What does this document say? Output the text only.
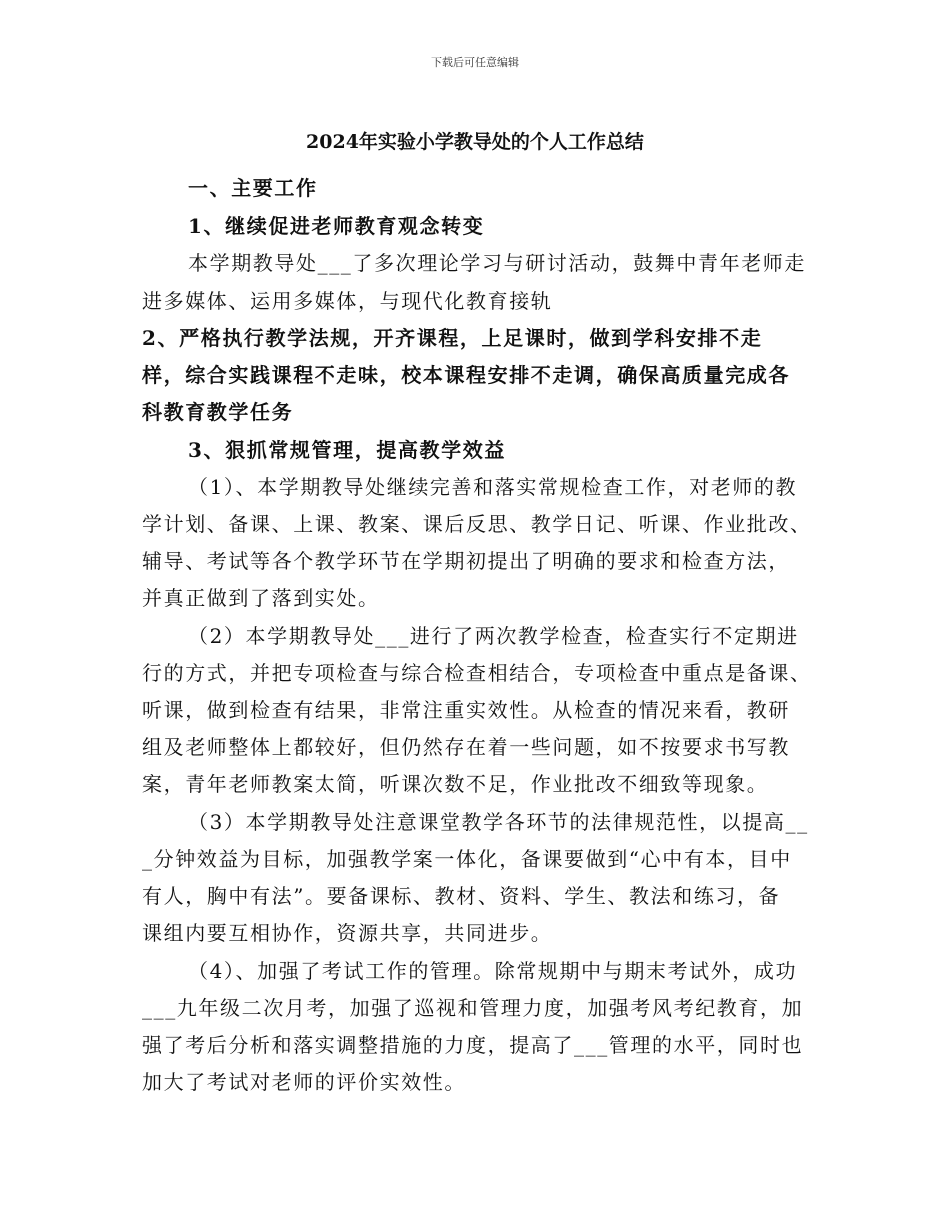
下载后可任意编辑
2024年实验小学教导处的个人工作总结
一、主要工作
1、继续促进老师教育观念转变
本学期教导处___了多次理论学习与研讨活动，鼓舞中青年老师走
进多媒体、运用多媒体，与现代化教育接轨
2、严格执行教学法规，开齐课程，上足课时，做到学科安排不走
样，综合实践课程不走味，校本课程安排不走调，确保高质量完成各
科教育教学任务
3、狠抓常规管理，提高教学效益
（1）、本学期教导处继续完善和落实常规检查工作，对老师的教
学计划、备课、上课、教案、课后反思、教学日记、听课、作业批改、
辅导、考试等各个教学环节在学期初提出了明确的要求和检查方法，
并真正做到了落到实处。
（2）本学期教导处___进行了两次教学检查，检查实行不定期进
行的方式，并把专项检查与综合检查相结合，专项检查中重点是备课、
听课，做到检查有结果，非常注重实效性。从检查的情况来看，教研
组及老师整体上都较好，但仍然存在着一些问题，如不按要求书写教
案，青年老师教案太简，听课次数不足，作业批改不细致等现象。
（3）本学期教导处注意课堂教学各环节的法律规范性，以提高__
_分钟效益为目标，加强教学案一体化，备课要做到“心中有本，目中
有人，胸中有法”。要备课标、教材、资料、学生、教法和练习，备
课组内要互相协作，资源共享，共同进步。
（4）、加强了考试工作的管理。除常规期中与期末考试外，成功
___九年级二次月考，加强了巡视和管理力度，加强考风考纪教育，加
强了考后分析和落实调整措施的力度，提高了___管理的水平，同时也
加大了考试对老师的评价实效性。
